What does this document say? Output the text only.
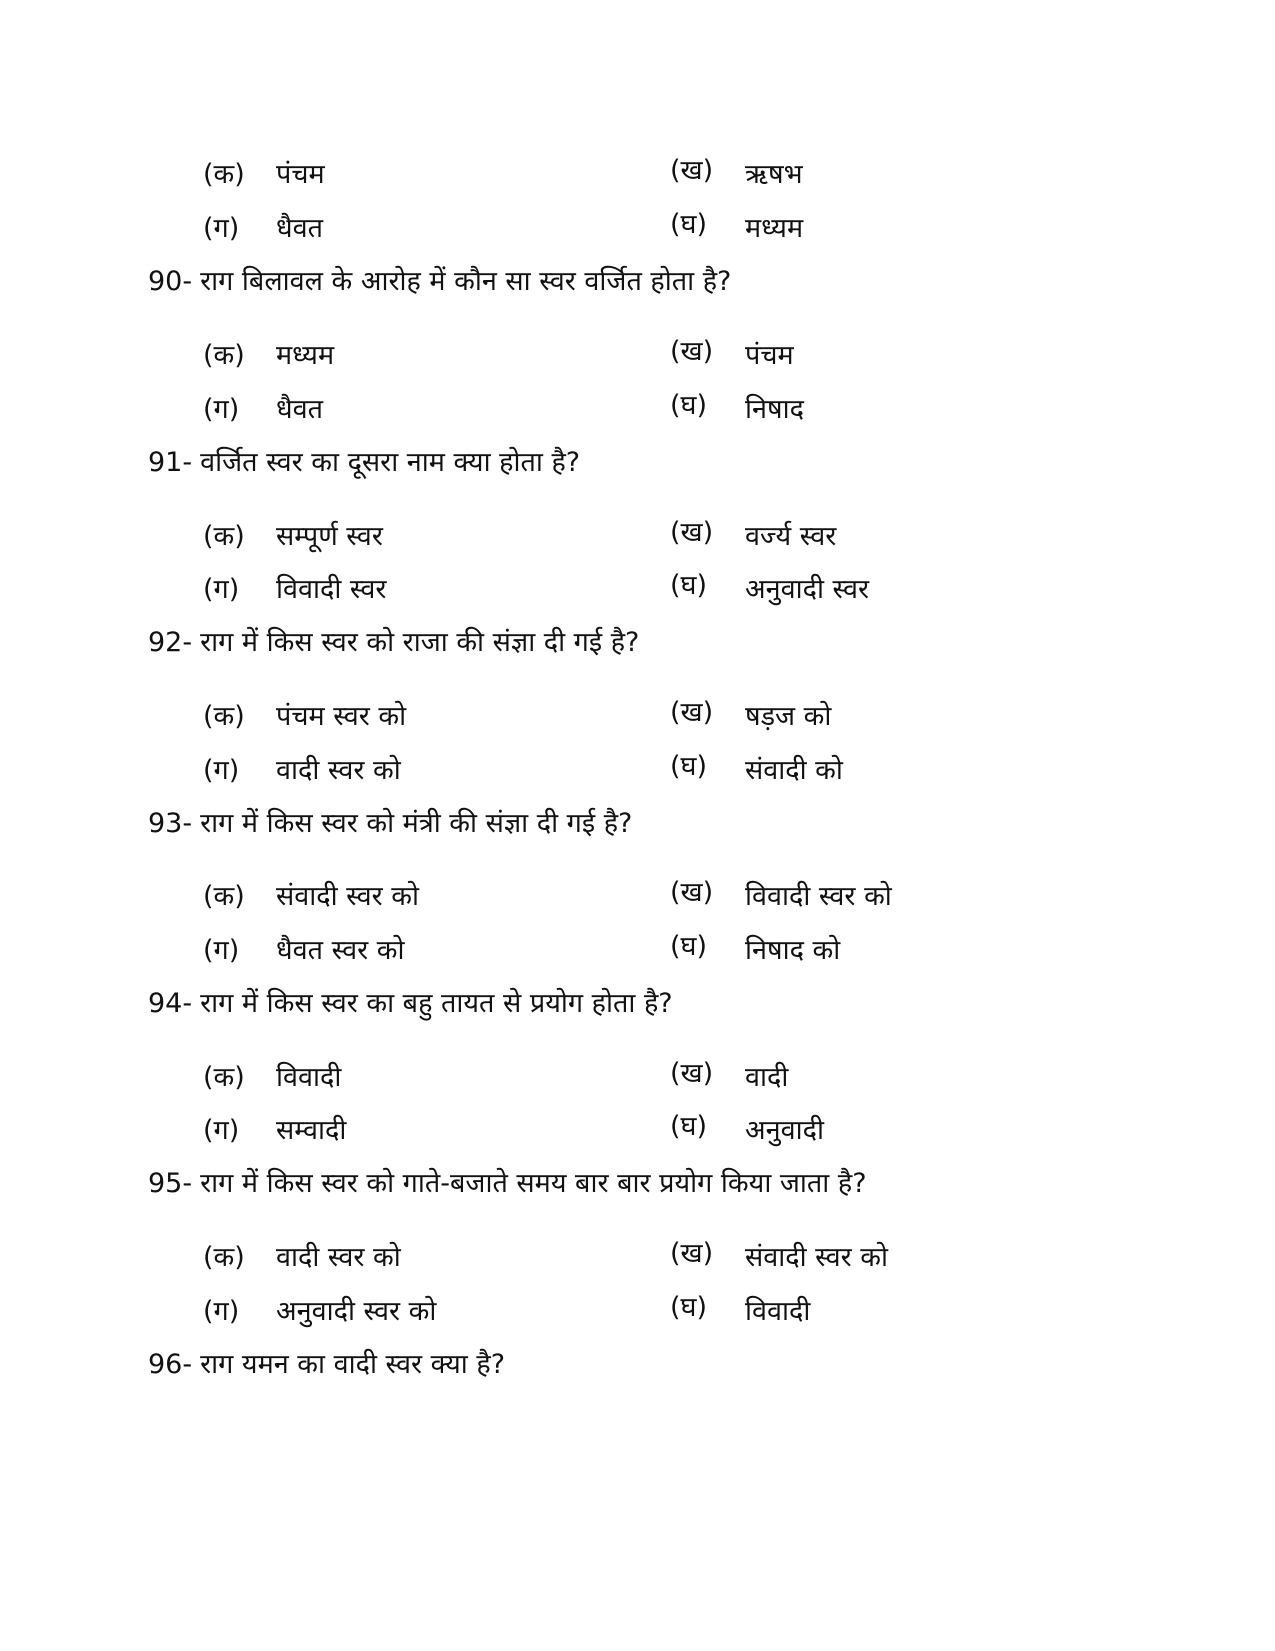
(क) पंचम	(ख) ऋषभ
(ग) धैवत	(घ) मध्यम
90- राग बिलावल के आरोह में कौन सा स्वर वर्जित होता है?
(क) मध्यम	(ख) पंचम
(ग) धैवत	(घ) निषाद
91- वर्जित स्वर का दूसरा नाम क्या होता है?
(क) सम्पूर्ण स्वर	(ख) वर्ज्य स्वर
(ग) विवादी स्वर	(घ) अनुवादी स्वर
92- राग में किस स्वर को राजा की संज्ञा दी गई है?
(क) पंचम स्वर को	(ख) षड़ज को
(ग) वादी स्वर को	(घ) संवादी को
93- राग में किस स्वर को मंत्री की संज्ञा दी गई है?
(क) संवादी स्वर को	(ख) विवादी स्वर को
(ग) धैवत स्वर को	(घ) निषाद को
94- राग में किस स्वर का बहु तायत से प्रयोग होता है?
(क) विवादी	(ख) वादी
(ग) सम्वादी	(घ) अनुवादी
95- राग में किस स्वर को गाते-बजाते समय बार बार प्रयोग किया जाता है?
(क) वादी स्वर को	(ख) संवादी स्वर को
(ग) अनुवादी स्वर को	(घ) विवादी
96- राग यमन का वादी स्वर क्या है?
